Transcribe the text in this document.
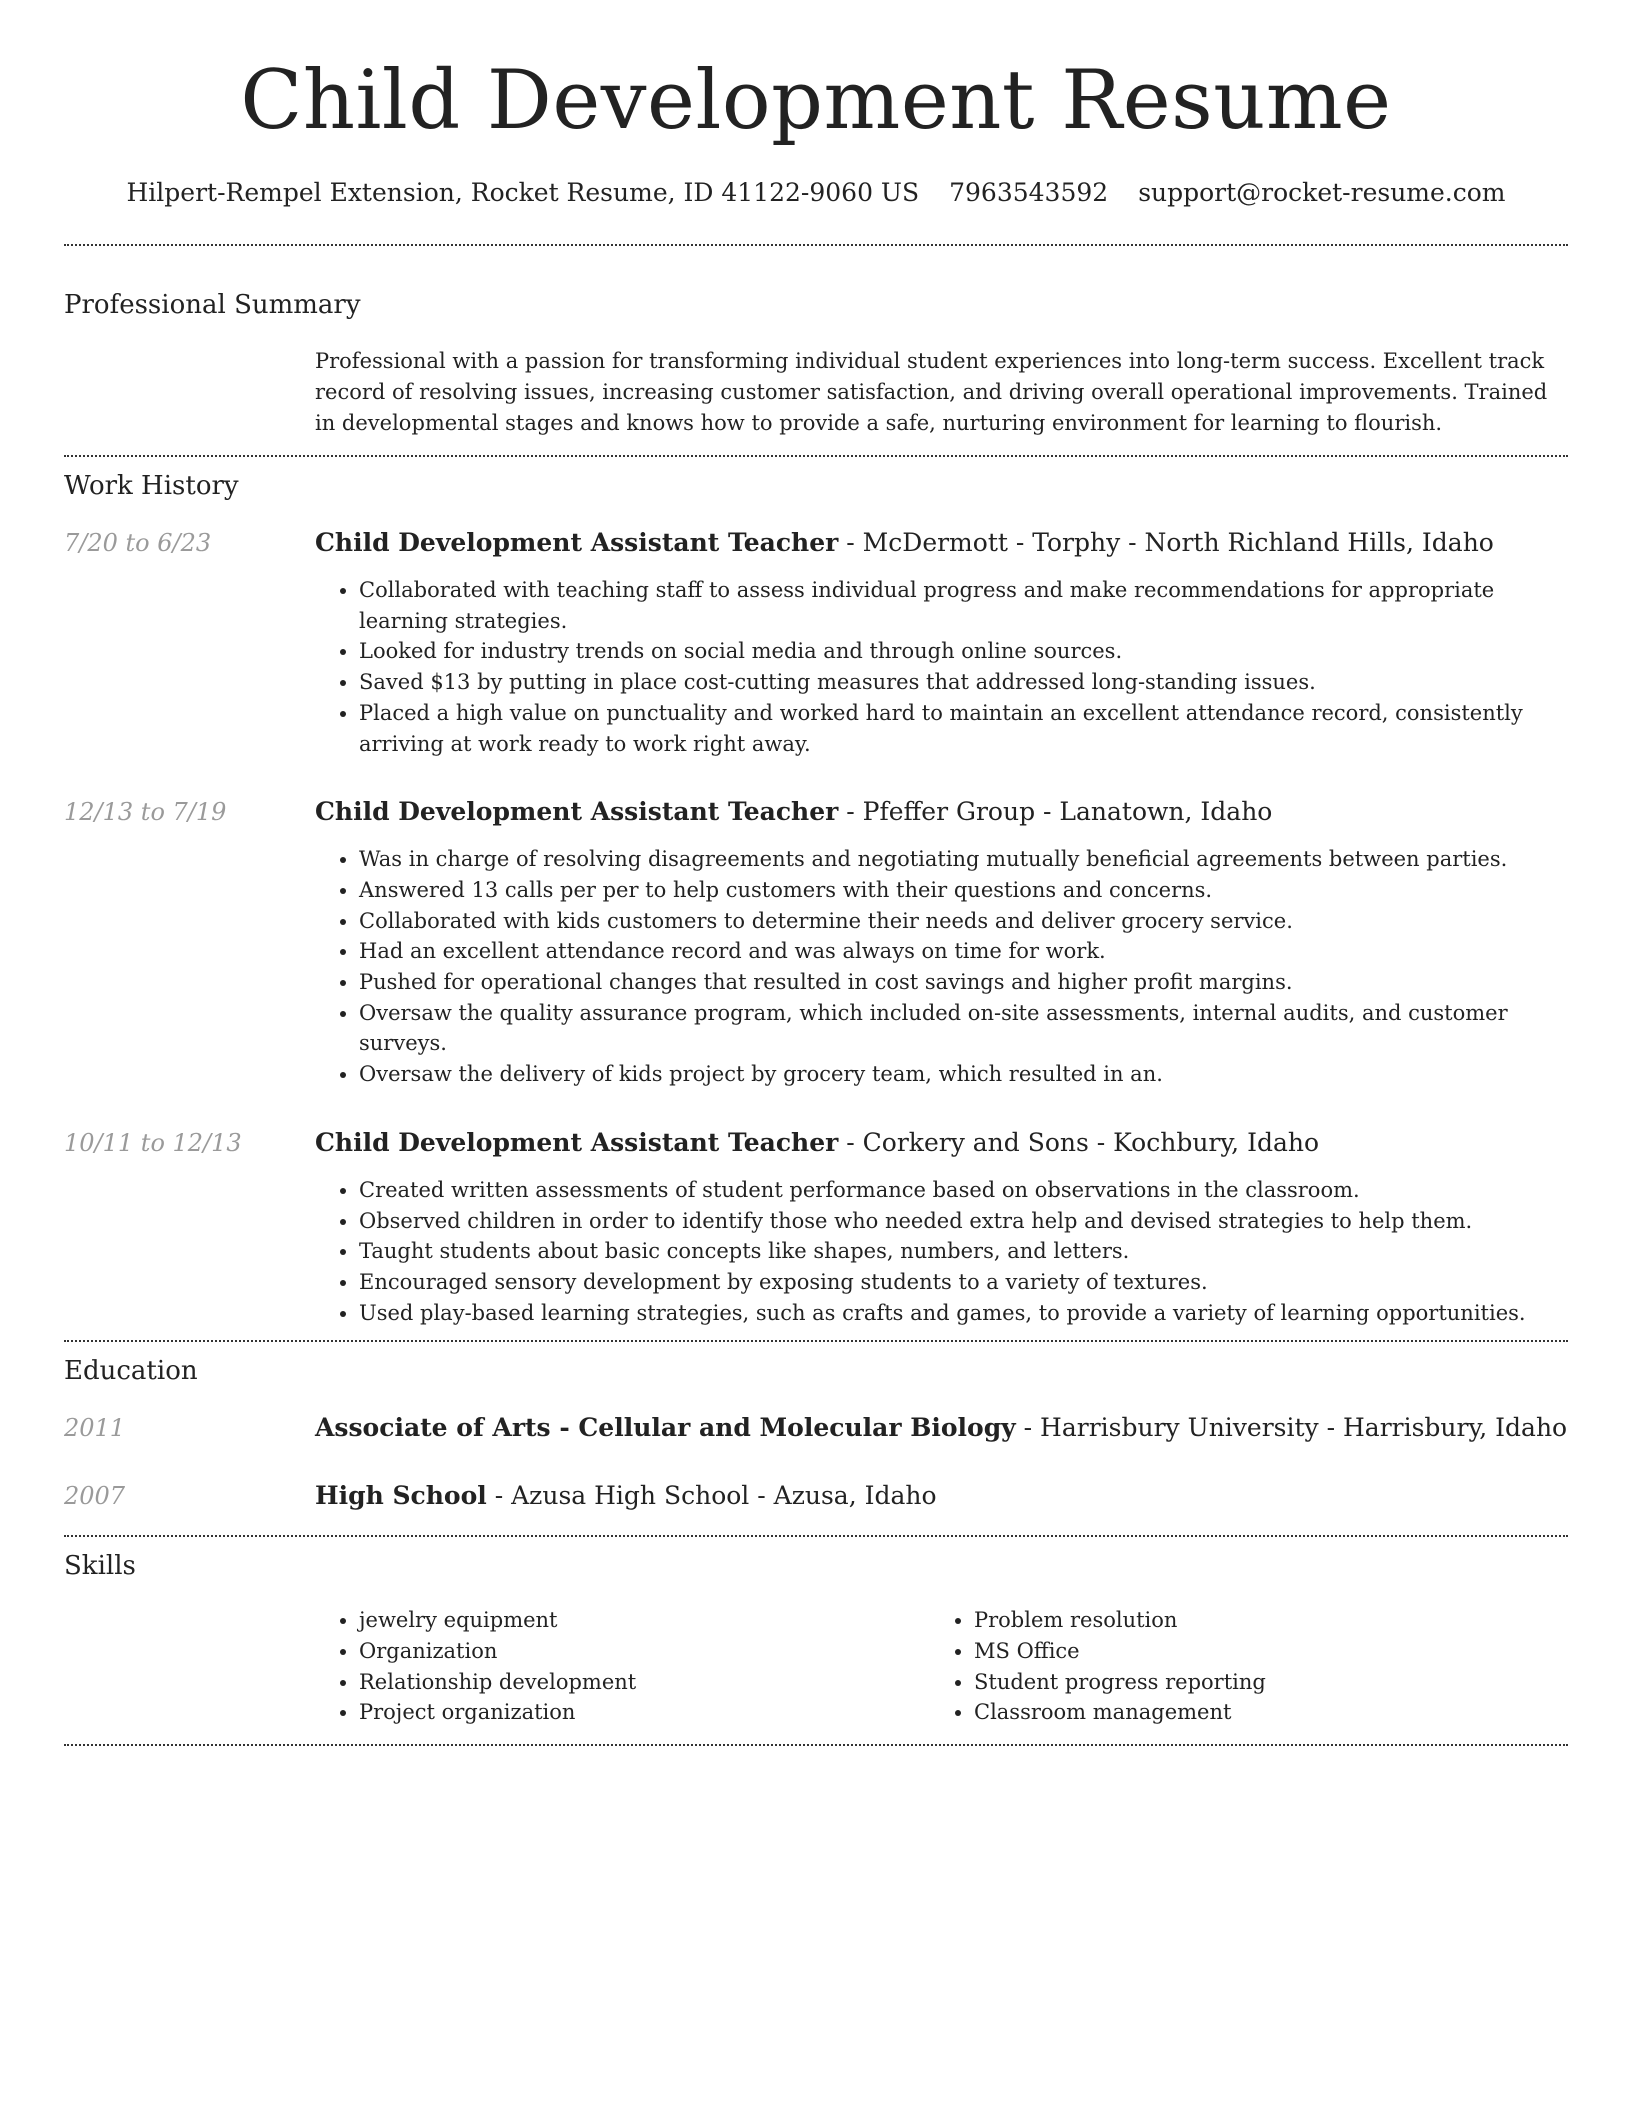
Child Development Resume
Hilpert-Rempel Extension, Rocket Resume, ID 41122-9060 US 7963543592 support@rocket-resume.com
Professional Summary
Professional with a passion for transforming individual student experiences into long-term success. Excellent track record of resolving issues, increasing customer satisfaction, and driving overall operational improvements. Trained in developmental stages and knows how to provide a safe, nurturing environment for learning to flourish.
Work History
7/20 to 6/23	Child Development Assistant Teacher - McDermott - Torphy - North Richland Hills, Idaho
• Collaborated with teaching staff to assess individual progress and make recommendations for appropriate learning strategies.
• Looked for industry trends on social media and through online sources.
• Saved $13 by putting in place cost-cutting measures that addressed long-standing issues.
• Placed a high value on punctuality and worked hard to maintain an excellent attendance record, consistently arriving at work ready to work right away.
12/13 to 7/19	Child Development Assistant Teacher - Pfeffer Group - Lanatown, Idaho
• Was in charge of resolving disagreements and negotiating mutually beneficial agreements between parties.
• Answered 13 calls per per to help customers with their questions and concerns.
• Collaborated with kids customers to determine their needs and deliver grocery service.
• Had an excellent attendance record and was always on time for work.
• Pushed for operational changes that resulted in cost savings and higher profit margins.
• Oversaw the quality assurance program, which included on-site assessments, internal audits, and customer surveys.
• Oversaw the delivery of kids project by grocery team, which resulted in an.
10/11 to 12/13	Child Development Assistant Teacher - Corkery and Sons - Kochbury, Idaho
• Created written assessments of student performance based on observations in the classroom.
• Observed children in order to identify those who needed extra help and devised strategies to help them.
• Taught students about basic concepts like shapes, numbers, and letters.
• Encouraged sensory development by exposing students to a variety of textures.
• Used play-based learning strategies, such as crafts and games, to provide a variety of learning opportunities.
Education
2011	Associate of Arts - Cellular and Molecular Biology - Harrisbury University - Harrisbury, Idaho
2007	High School - Azusa High School - Azusa, Idaho
Skills
• jewelry equipment
• Organization
• Relationship development
• Project organization
• Problem resolution
• MS Office
• Student progress reporting
• Classroom management
